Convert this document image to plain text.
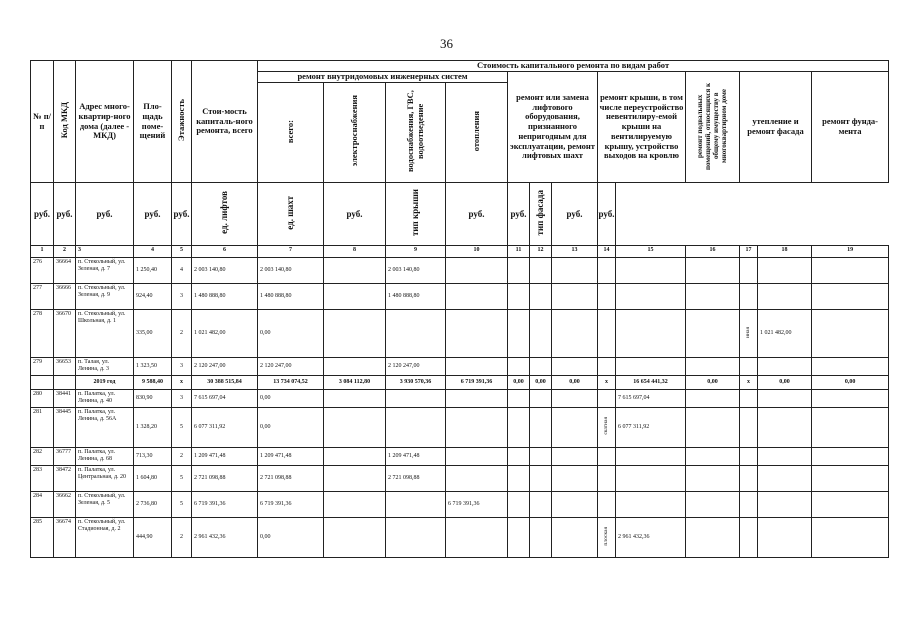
36
№ п/п	Код МКД	Адрес много-квартир-ного дома (далее - МКД)	Пло-щадь поме-щений	Этажность	Стои-мость капиталь-ного ремонта, всего	Стоимость капитального ремонта по видам работ												
						ремонт внутридомовых инженерных систем				ремонт или замена лифтового оборудования, признанного непригодным для эксплуатации, ремонт лифтовых шахт			ремонт крыши, в том числе переустройство невентилиру-емой крыши на вентилируемую крышу, устройство выходов на кровлю		ремонт подвальных помещений, относящихся к общему имуществу в многоквартирном доме	утепление и ремонт фасада		ремонт фунда-мента
						всего:	электроснабжения	водоснабжения, ГВС, водоотведение	отопления									
руб.	руб.	руб.	руб.	руб.	ед. лифтов	ед. шахт	руб.	тип крыши	руб.	руб.	тип фасада	руб.	руб.					
1	2	3	4	5	6	7	8	9	10	11	12	13	14	15	16	17	18	19
276	36664	п. Стекольный, ул. Зеленая, д. 7	1 250,40	4	2 003 140,80	2 003 140,80		2 003 140,80										
277	36666	п. Стекольный, ул. Зеленая, д. 9	924,40	3	1 480 888,80	1 480 888,80		1 480 888,80										
278	36670	п. Стекольный, ул. Школьная, д. 1	335,00	2	1 021 482,00	0,00										иная	1 021 482,00	
279	36653	п. Талая, ул. Ленина, д. 3	1 323,50	3	2 120 247,00	2 120 247,00		2 120 247,00										
		2019 год	9 588,40	х	30 388 515,84	13 734 074,52	3 084 112,80	3 930 570,36	6 719 391,36	0,00	0,00	0,00	х	16 654 441,32	0,00	х	0,00	0,00
280	38441	п. Палатка, ул. Ленина, д. 40	830,90	3	7 615 697,04	0,00								7 615 697,04				
281	38445	п. Палатка, ул. Ленина, д. 56А	1 328,20	5	6 077 311,92	0,00							скатная	6 077 311,92				
282	36777	п. Палатка, ул. Ленина, д. 68	713,30	2	1 209 471,48	1 209 471,48		1 209 471,48										
283	38472	п. Палатка, ул. Центральная, д. 20	1 604,80	5	2 721 098,88	2 721 098,88		2 721 098,88										
284	36662	п. Стекольный, ул. Зеленая, д. 5	2 736,80	5	6 719 391,36	6 719 391,36			6 719 391,36									
285	36674	п. Стекольный, ул. Стадионная, д. 2	444,90	2	2 961 432,36	0,00							плоская	2 961 432,36				
